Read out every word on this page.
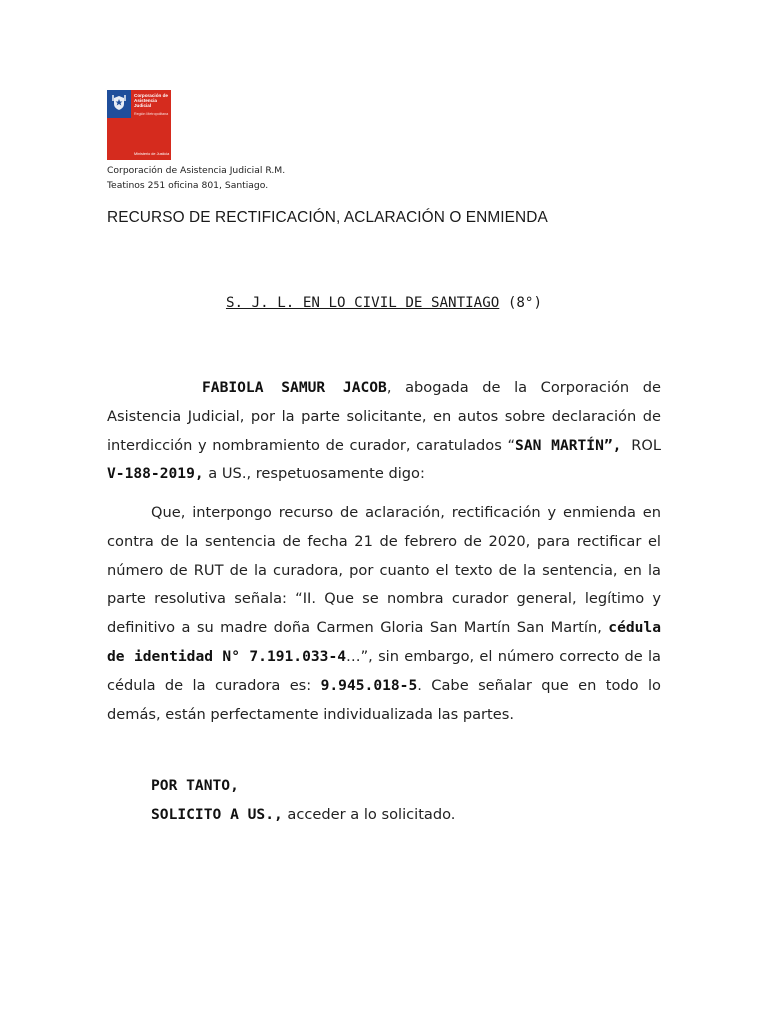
Corporación de Asistencia Judicial
Región Metropolitana
Ministerio de Justicia
Corporación de Asistencia Judicial R.M.
Teatinos 251 oficina 801, Santiago.
RECURSO DE RECTIFICACIÓN, ACLARACIÓN O ENMIENDA
S. J. L. EN LO CIVIL DE SANTIAGO (8°)
FABIOLA SAMUR JACOB, abogada de la Corporación de Asistencia Judicial, por la parte solicitante, en autos sobre declaración de interdicción y nombramiento de curador, caratulados “SAN MARTÍN”, ROL V-188-2019, a US., respetuosamente digo:
Que, interpongo recurso de aclaración, rectificación y enmienda en contra de la sentencia de fecha 21 de febrero de 2020, para rectificar el número de RUT de la curadora, por cuanto el texto de la sentencia, en la parte resolutiva señala: “II. Que se nombra curador general, legítimo y definitivo a su madre doña Carmen Gloria San Martín San Martín, cédula de identidad N° 7.191.033-4…”, sin embargo, el número correcto de la cédula de la curadora es: 9.945.018-5. Cabe señalar que en todo lo demás, están perfectamente individualizada las partes.
POR TANTO,
SOLICITO A US., acceder a lo solicitado.
